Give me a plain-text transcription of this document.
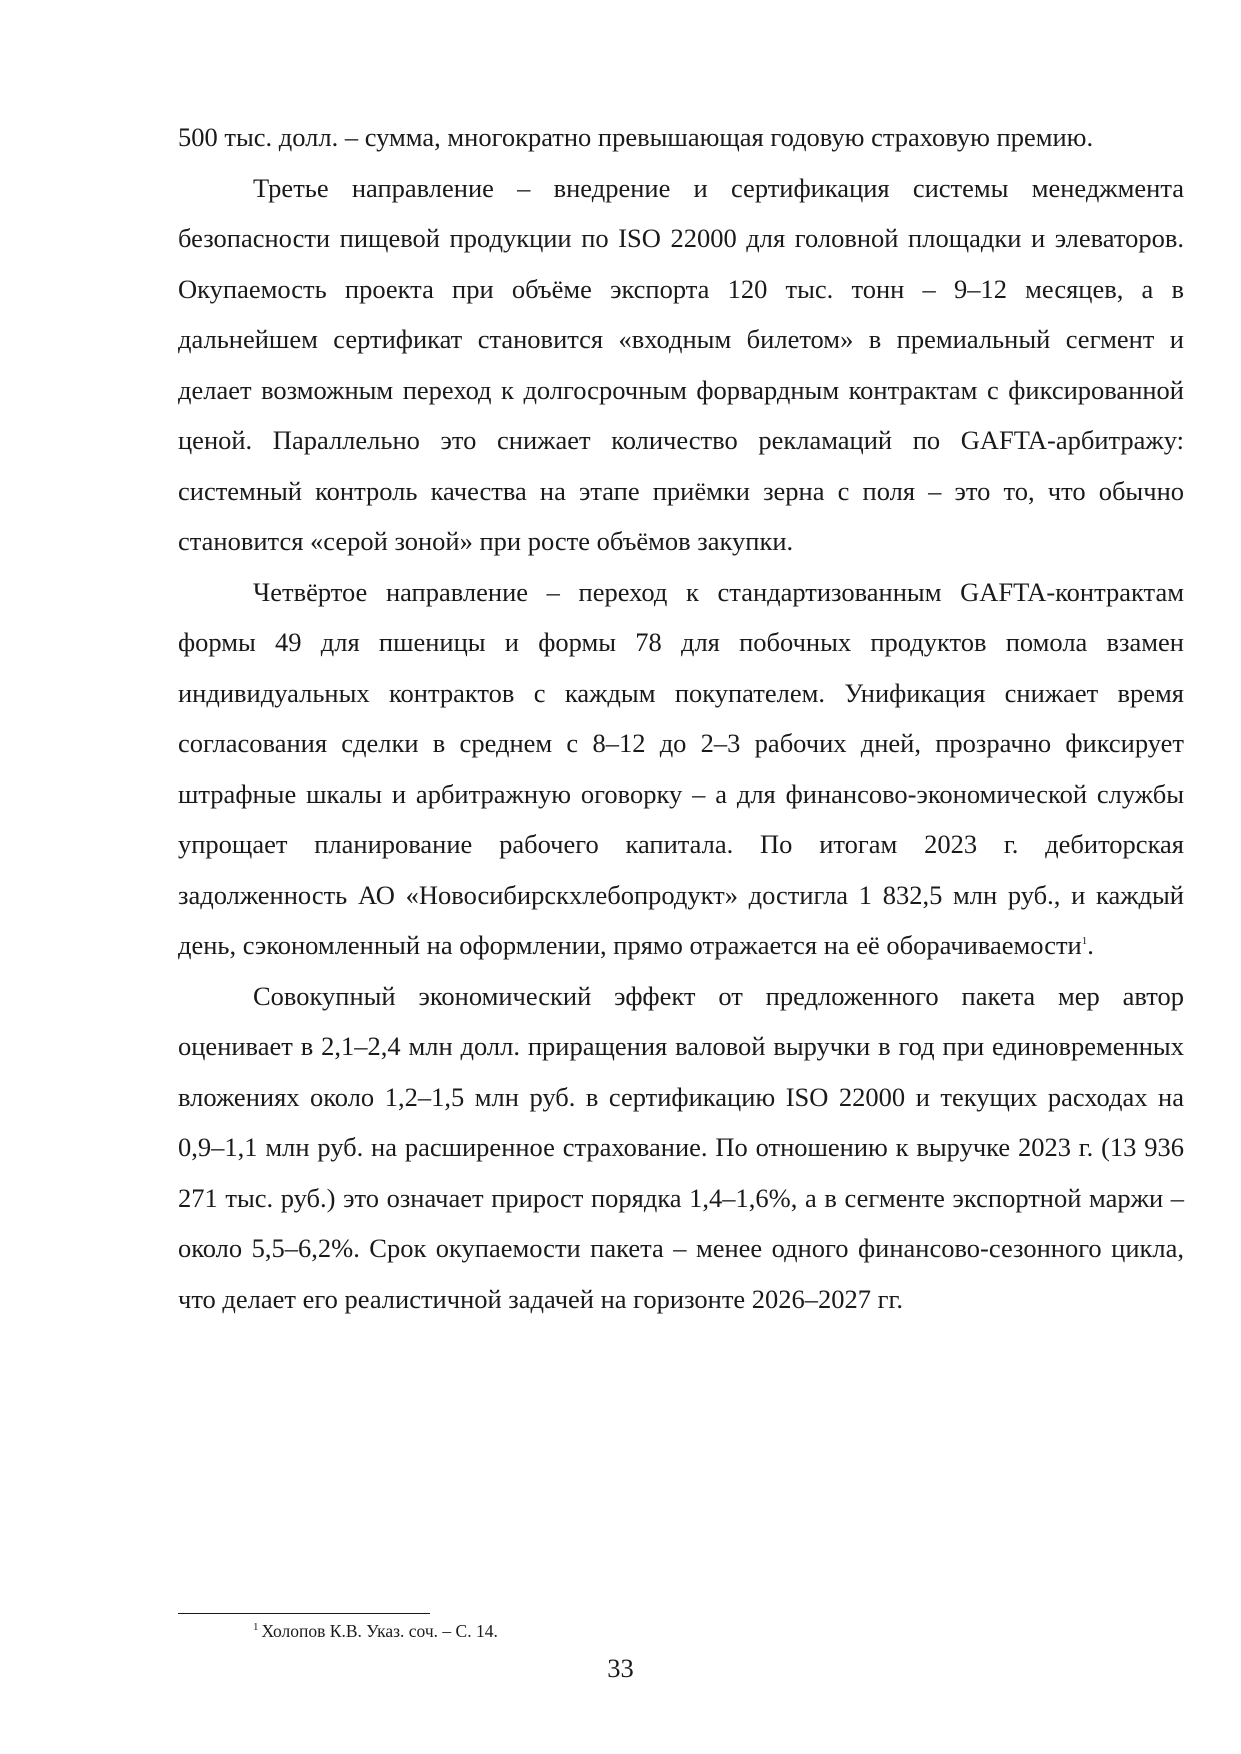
500 тыс. долл. – сумма, многократно превышающая годовую страховую премию.

Третье направление – внедрение и сертификация системы менеджмента безопасности пищевой продукции по ISO 22000 для головной площадки и элеваторов. Окупаемость проекта при объёме экспорта 120 тыс. тонн – 9–12 месяцев, а в дальнейшем сертификат становится «входным билетом» в премиальный сегмент и делает возможным переход к долгосрочным форвардным контрактам с фиксированной ценой. Параллельно это снижает количество рекламаций по GAFTA-арбитражу: системный контроль качества на этапе приёмки зерна с поля – это то, что обычно становится «серой зоной» при росте объёмов закупки.

Четвёртое направление – переход к стандартизованным GAFTA-контрактам формы 49 для пшеницы и формы 78 для побочных продуктов помола взамен индивидуальных контрактов с каждым покупателем. Унификация снижает время согласования сделки в среднем с 8–12 до 2–3 рабочих дней, прозрачно фиксирует штрафные шкалы и арбитражную оговорку – а для финансово-экономической службы упрощает планирование рабочего капитала. По итогам 2023 г. дебиторская задолженность АО «Новосибирскхлебопродукт» достигла 1 832,5 млн руб., и каждый день, сэкономленный на оформлении, прямо отражается на её оборачиваемости$^1$.

Совокупный экономический эффект от предложенного пакета мер автор оценивает в 2,1–2,4 млн долл. приращения валовой выручки в год при единовременных вложениях около 1,2–1,5 млн руб. в сертификацию ISO 22000 и текущих расходах на 0,9–1,1 млн руб. на расширенное страхование. По отношению к выручке 2023 г. (13 936 271 тыс. руб.) это означает прирост порядка 1,4–1,6%, а в сегменте экспортной маржи – около 5,5–6,2%. Срок окупаемости пакета – менее одного финансово-сезонного цикла, что делает его реалистичной задачей на горизонте 2026–2027 гг.

$^1$ Холопов К.В. Указ. соч. – С. 14.
33
